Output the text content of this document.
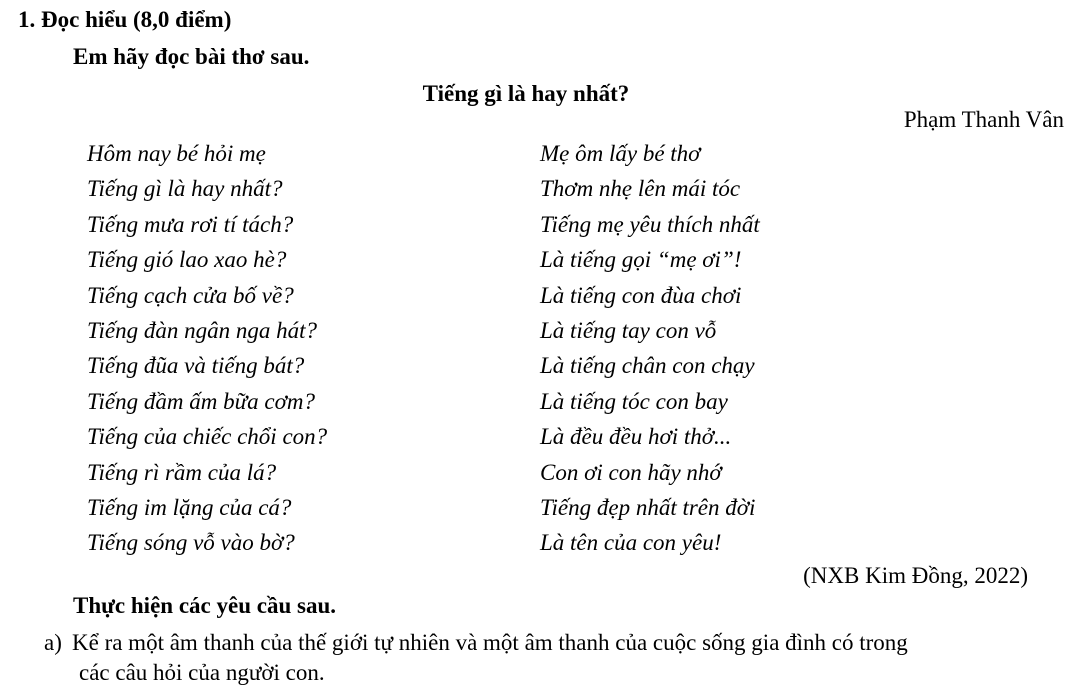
1. Đọc hiểu (8,0 điểm)
Em hãy đọc bài thơ sau.
Tiếng gì là hay nhất?
Phạm Thanh Vân
Hôm nay bé hỏi mẹ
Tiếng gì là hay nhất?
Tiếng mưa rơi tí tách?
Tiếng gió lao xao hè?
Tiếng cạch cửa bố về?
Tiếng đàn ngân nga hát?
Tiếng đũa và tiếng bát?
Tiếng đầm ấm bữa cơm?
Tiếng của chiếc chổi con?
Tiếng rì rầm của lá?
Tiếng im lặng của cá?
Tiếng sóng vỗ vào bờ?
Mẹ ôm lấy bé thơ
Thơm nhẹ lên mái tóc
Tiếng mẹ yêu thích nhất
Là tiếng gọi “mẹ ơi”!
Là tiếng con đùa chơi
Là tiếng tay con vỗ
Là tiếng chân con chạy
Là tiếng tóc con bay
Là đều đều hơi thở...
Con ơi con hãy nhớ
Tiếng đẹp nhất trên đời
Là tên của con yêu!
(NXB Kim Đồng, 2022)
Thực hiện các yêu cầu sau.
a) Kể ra một âm thanh của thế giới tự nhiên và một âm thanh của cuộc sống gia đình có trong
các câu hỏi của người con.
